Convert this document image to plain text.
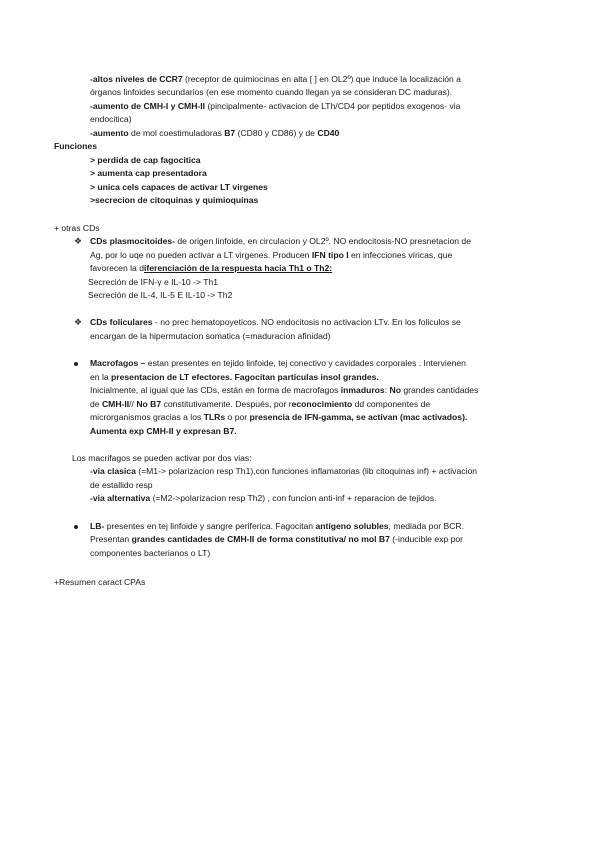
-altos niveles de CCR7 (receptor de quimiocinas en alta [ ] en OL2º) que induce la localización a
órganos linfoides secundarios (en ese momento cuando llegan ya se consideran DC maduras).
-aumento de CMH-I y CMH-II (pincipalmente- activacion de LTh/CD4 por peptidos exogenos- via
endocitica)
-aumento de mol coestimuladoras B7 (CD80 y CD86) y de CD40
Funciones
> perdida de cap fagocitica
> aumenta cap presentadora
> unica cels capaces de activar LT virgenes
>secrecion de citoquinas y quimioquinas
+ otras CDs
❖ CDs plasmocitoides- de origen linfoide, en circulacion y OL2º. NO endocitosis-NO presnetacion de
Ag, por lo uqe no pueden activar a LT virgenes. Producen IFN tipo I en infecciones víricas, que
favorecen la diferenciación de la respuesta hacia Th1 o Th2:
Secreción de IFN-γ e IL-10 -> Th1
Secreción de IL-4, IL-5 E IL-10 -> Th2
❖ CDs foliculares - no prec hematopoyeticos. NO endocitosis no activacion LTv. En los foliculos se
encargan de la hipermutacion somatica (=maduracion afinidad)
Macrofagos – estan presentes en tejido linfoide, tej conectivo y cavidades corporales . Intervienen
en la presentacion de LT efectores. Fagocitan partículas insol grandes.
Inicialmente, al igual que las CDs, están en forma de macrofagos inmaduros: No grandes cantidades
de CMH-II// No B7 constitutivamente. Después, por reconocimiento dd componentes de
microrganismos gracias a los TLRs o por presencia de IFN-gamma, se activan (mac activados).
Aumenta exp CMH-II y expresan B7.
Los macrifagos se pueden activar por dos vias:
-via clasica (=M1-> polarizacion resp Th1),con funciones inflamatorias (lib citoquinas inf) + activacion
de estallido resp
-via alternativa (=M2->polarizacion resp Th2) , con funcion anti-inf + reparacion de tejidos.
LB- presentes en tej linfoide y sangre periferica. Fagocitan antígeno solubles, mediada por BCR.
Presentan grandes cantidades de CMH-II de forma constitutiva/ no mol B7 (-inducible exp por
componentes bacterianos o LT)
+Resumen caract CPAs
